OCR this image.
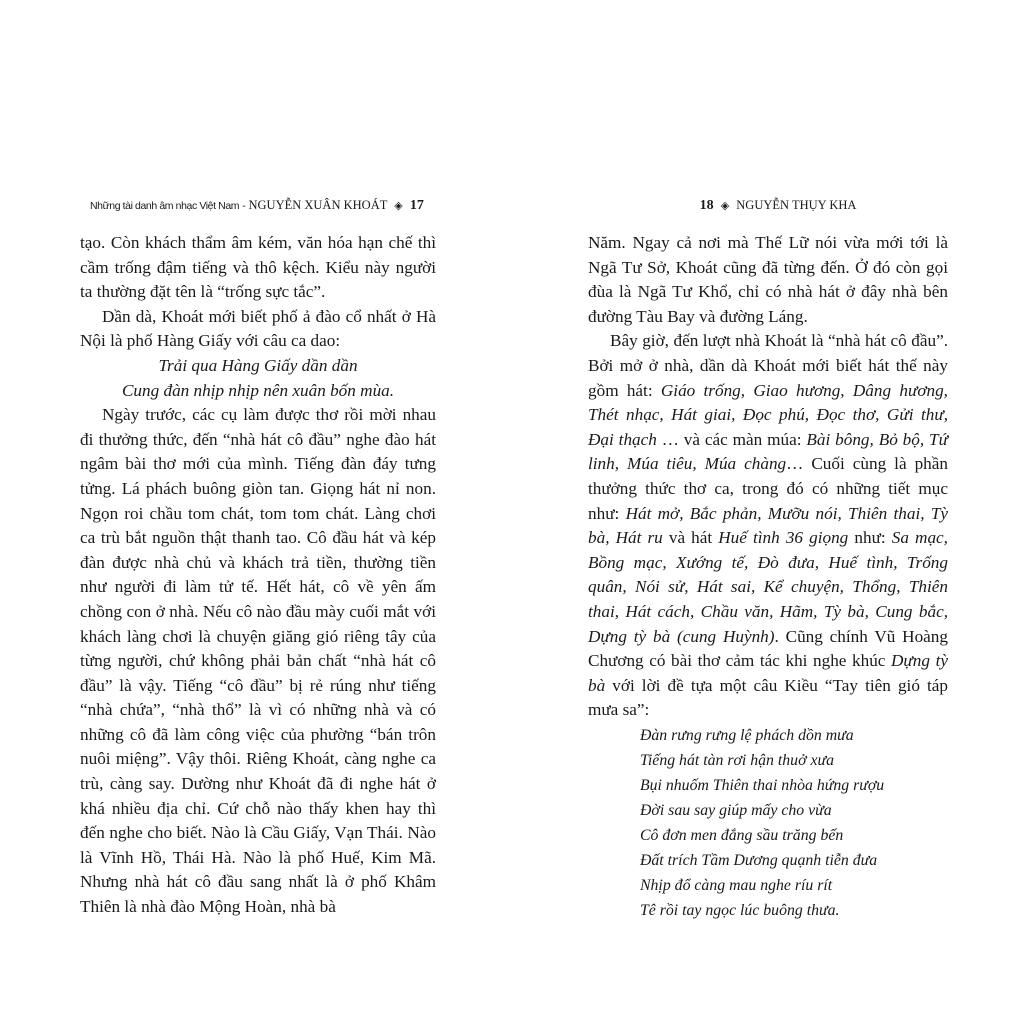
Những tài danh âm nhạc Việt Nam - NGUYỄN XUÂN KHOÁT ◈ 17

tạo. Còn khách thẩm âm kém, văn hóa hạn chế thì cầm trống đậm tiếng và thô kệch. Kiểu này người ta thường đặt tên là “trống sực tắc”.

Dần dà, Khoát mới biết phố ả đào cổ nhất ở Hà Nội là phố Hàng Giấy với câu ca dao:

Trải qua Hàng Giấy dần dần
Cung đàn nhịp nhịp nên xuân bốn mùa.

Ngày trước, các cụ làm được thơ rồi mời nhau đi thưởng thức, đến “nhà hát cô đầu” nghe đào hát ngâm bài thơ mới của mình. Tiếng đàn đáy tưng tửng. Lá phách buông giòn tan. Giọng hát nỉ non. Ngọn roi chầu tom chát, tom tom chát. Làng chơi ca trù bắt nguồn thật thanh tao. Cô đầu hát và kép đàn được nhà chủ và khách trả tiền, thường tiền như người đi làm tử tế. Hết hát, cô về yên ấm chồng con ở nhà. Nếu cô nào đầu mày cuối mắt với khách làng chơi là chuyện giăng gió riêng tây của từng người, chứ không phải bản chất “nhà hát cô đầu” là vậy. Tiếng “cô đầu” bị rẻ rúng như tiếng “nhà chứa”, “nhà thổ” là vì có những nhà và có những cô đã làm công việc của phường “bán trôn nuôi miệng”. Vậy thôi. Riêng Khoát, càng nghe ca trù, càng say. Dường như Khoát đã đi nghe hát ở khá nhiều địa chỉ. Cứ chỗ nào thấy khen hay thì đến nghe cho biết. Nào là Cầu Giấy, Vạn Thái. Nào là Vĩnh Hồ, Thái Hà. Nào là phố Huế, Kim Mã. Nhưng nhà hát cô đầu sang nhất là ở phố Khâm Thiên là nhà đào Mộng Hoàn, nhà bà

18 ◈ NGUYỄN THỤY KHA

Năm. Ngay cả nơi mà Thế Lữ nói vừa mới tới là Ngã Tư Sở, Khoát cũng đã từng đến. Ở đó còn gọi đùa là Ngã Tư Khổ, chỉ có nhà hát ở đây nhà bên đường Tàu Bay và đường Láng.

Bây giờ, đến lượt nhà Khoát là “nhà hát cô đầu”. Bởi mở ở nhà, dần dà Khoát mới biết hát thế này gồm hát: Giáo trống, Giao hương, Dâng hương, Thét nhạc, Hát giai, Đọc phú, Đọc thơ, Gửi thư, Đại thạch … và các màn múa: Bài bông, Bỏ bộ, Tứ linh, Múa tiêu, Múa chàng… Cuối cùng là phần thưởng thức thơ ca, trong đó có những tiết mục như: Hát mở, Bắc phản, Mưỡu nói, Thiên thai, Tỳ bà, Hát ru và hát Huế tình 36 giọng như: Sa mạc, Bồng mạc, Xướng tế, Đò đưa, Huế tình, Trống quân, Nói sử, Hát sai, Kể chuyện, Thổng, Thiên thai, Hát cách, Chầu văn, Hãm, Tỳ bà, Cung bắc, Dựng tỳ bà (cung Huỳnh). Cũng chính Vũ Hoàng Chương có bài thơ cảm tác khi nghe khúc Dựng tỳ bà với lời đề tựa một câu Kiều “Tay tiên gió táp mưa sa”:

Đàn rưng rưng lệ phách dồn mưa
Tiếng hát tàn rơi hận thuở xưa
Bụi nhuốm Thiên thai nhòa hứng rượu
Đời sau say giúp mấy cho vừa
Cô đơn men đắng sầu trăng bến
Đất trích Tầm Dương quạnh tiễn đưa
Nhịp đổ càng mau nghe ríu rít
Tê rồi tay ngọc lúc buông thưa.
